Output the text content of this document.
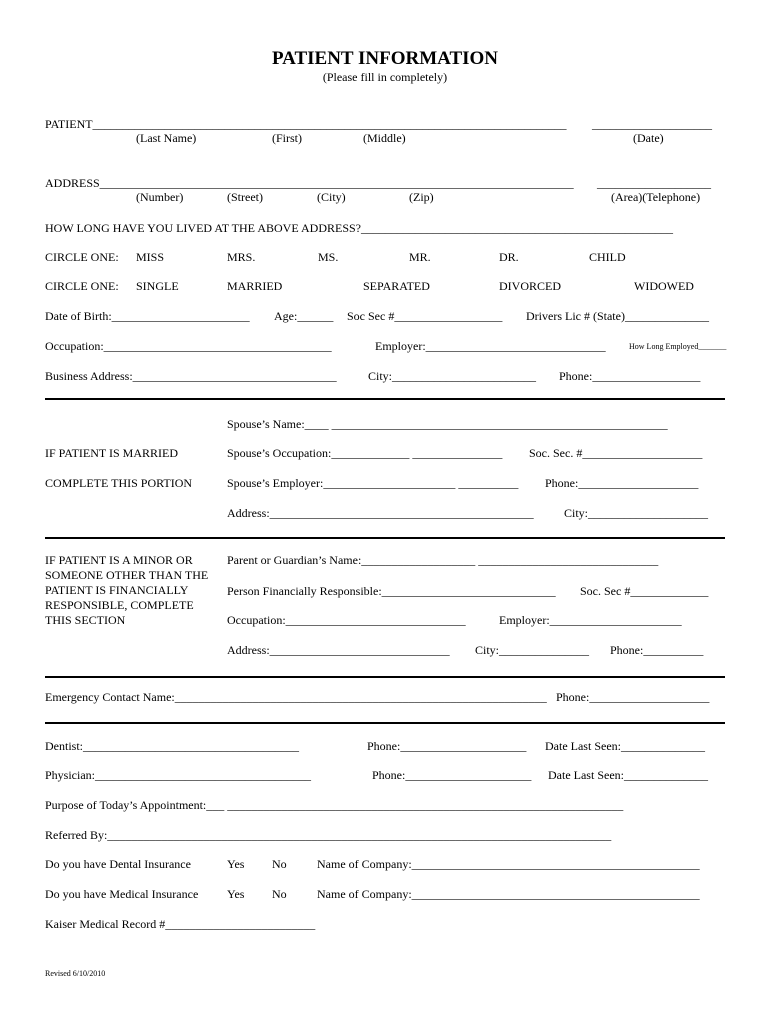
PATIENT INFORMATION
(Please fill in completely)
PATIENT_______________________________________________________________________________ ____________________
(Last Name)	(First)	(Middle)	(Date)
ADDRESS_______________________________________________________________________________ ___________________
(Number)	(Street)	(City)	(Zip)	(Area)(Telephone)
HOW LONG HAVE YOU LIVED AT THE ABOVE ADDRESS?____________________________________________________
CIRCLE ONE: MISS	MRS.	MS.	MR.	DR.	CHILD
CIRCLE ONE: SINGLE	MARRIED	SEPARATED	DIVORCED	WIDOWED
Date of Birth:_______________________ Age:______ Soc Sec #__________________ Drivers Lic # (State)______________
Occupation:______________________________________	Employer:______________________________	How Long Employed_______
Business Address:__________________________________	City:________________________ Phone:__________________
Spouse’s Name:____ ________________________________________________________
IF PATIENT IS MARRIED	Spouse’s Occupation:_____________ _______________ Soc. Sec. #____________________
COMPLETE THIS PORTION	Spouse’s Employer:______________________ __________ Phone:____________________
Address:____________________________________________	City:____________________
IF PATIENT IS A MINOR OR
SOMEONE OTHER THAN THE
PATIENT IS FINANCIALLY
RESPONSIBLE, COMPLETE
THIS SECTION
Parent or Guardian’s Name:___________________ ______________________________
Person Financially Responsible:_____________________________ Soc. Sec #_____________
Occupation:______________________________	Employer:______________________
Address:______________________________ City:_______________ Phone:__________
Emergency Contact Name:______________________________________________________________ Phone:____________________
Dentist:____________________________________	Phone:_____________________ Date Last Seen:______________
Physician:____________________________________	Phone:_____________________ Date Last Seen:______________
Purpose of Today’s Appointment:___ __________________________________________________________________
Referred By:____________________________________________________________________________________
Do you have Dental Insurance	Yes No	Name of Company:________________________________________________
Do you have Medical Insurance Yes No	Name of Company:________________________________________________
Kaiser Medical Record #_________________________
Revised 6/10/2010
